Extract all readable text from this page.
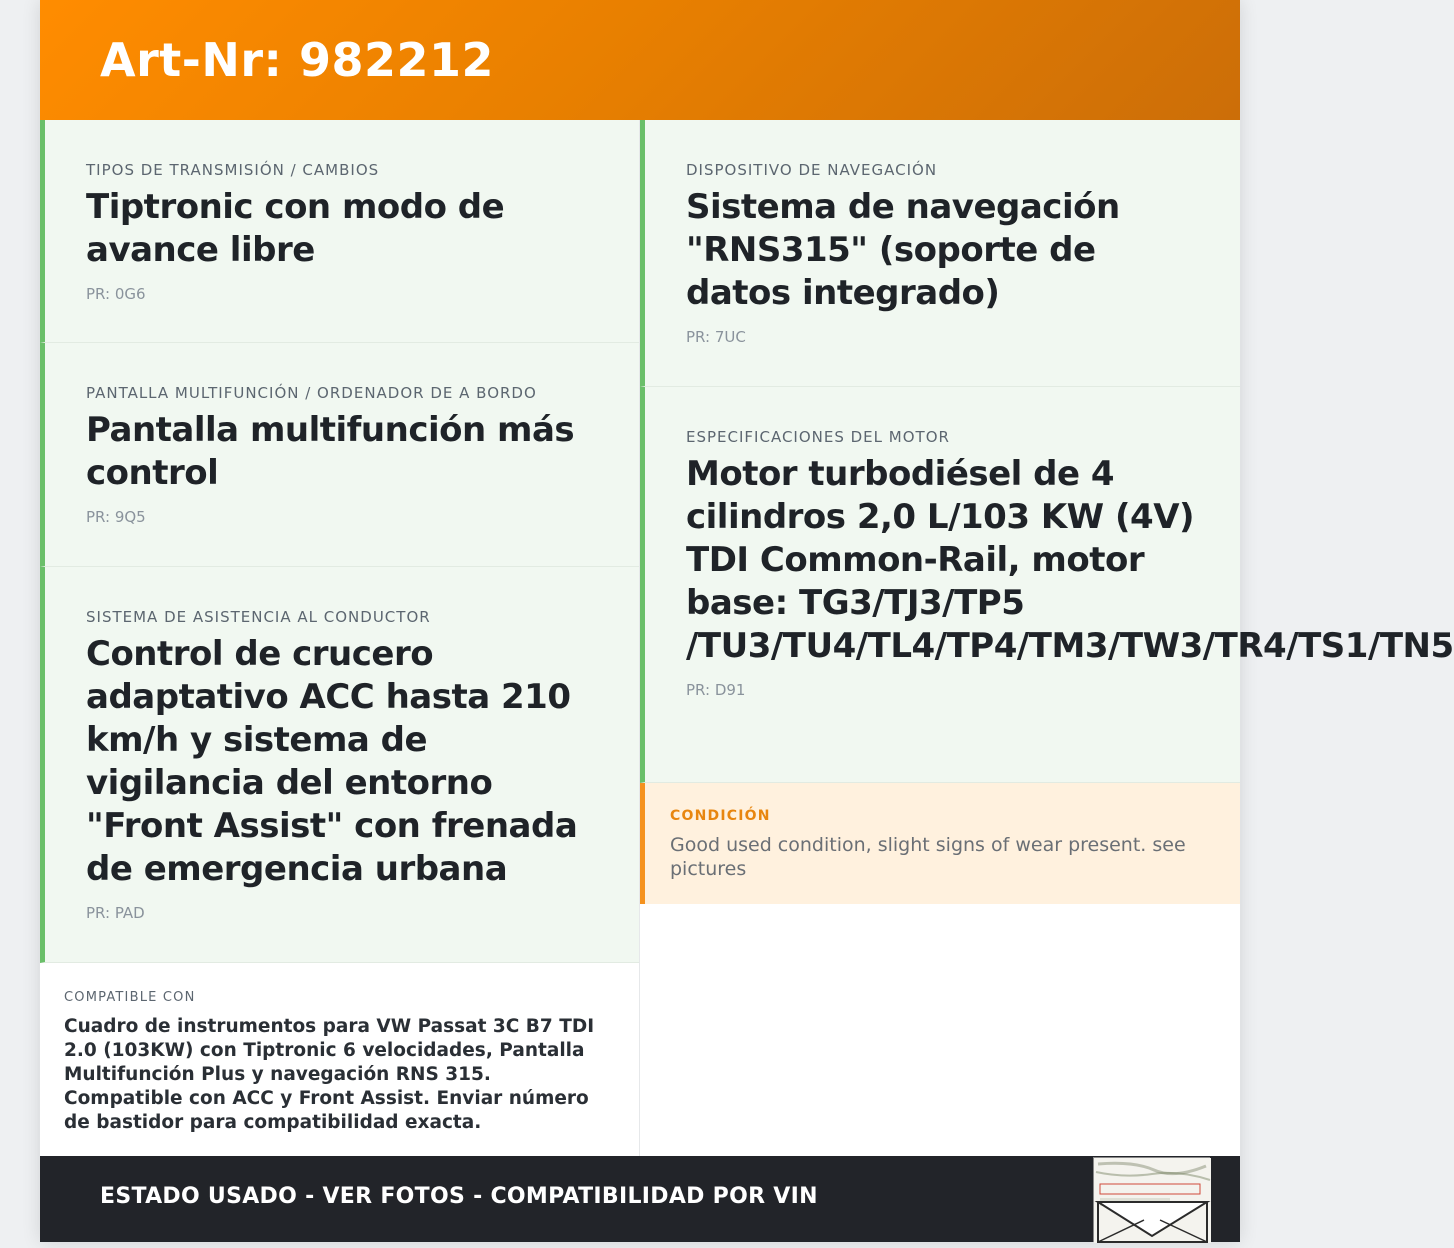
Art-Nr: 982212
TIPOS DE TRANSMISIÓN / CAMBIOS
Tiptronic con modo de avance libre
PR: 0G6
PANTALLA MULTIFUNCIÓN / ORDENADOR DE A BORDO
Pantalla multifunción más control
PR: 9Q5
SISTEMA DE ASISTENCIA AL CONDUCTOR
Control de crucero adaptativo ACC hasta 210 km/h y sistema de vigilancia del entorno "Front Assist" con frenada de emergencia urbana
PR: PAD
COMPATIBLE CON
Cuadro de instrumentos para VW Passat 3C B7 TDI 2.0 (103KW) con Tiptronic 6 velocidades, Pantalla Multifunción Plus y navegación RNS 315. Compatible con ACC y Front Assist. Enviar número de bastidor para compatibilidad exacta.
DISPOSITIVO DE NAVEGACIÓN
Sistema de navegación "RNS315" (soporte de datos integrado)
PR: 7UC
ESPECIFICACIONES DEL MOTOR
Motor turbodiésel de 4 cilindros 2,0 L/103 KW (4V) TDI Common-Rail, motor base: TG3/TJ3/TP5 /TU3/TU4/TL4/TP4/TM3/TW3/TR4/TS1/TN5
PR: D91
CONDICIÓN
Good used condition, slight signs of wear present. see pictures
ESTADO USADO - VER FOTOS - COMPATIBILIDAD POR VIN
